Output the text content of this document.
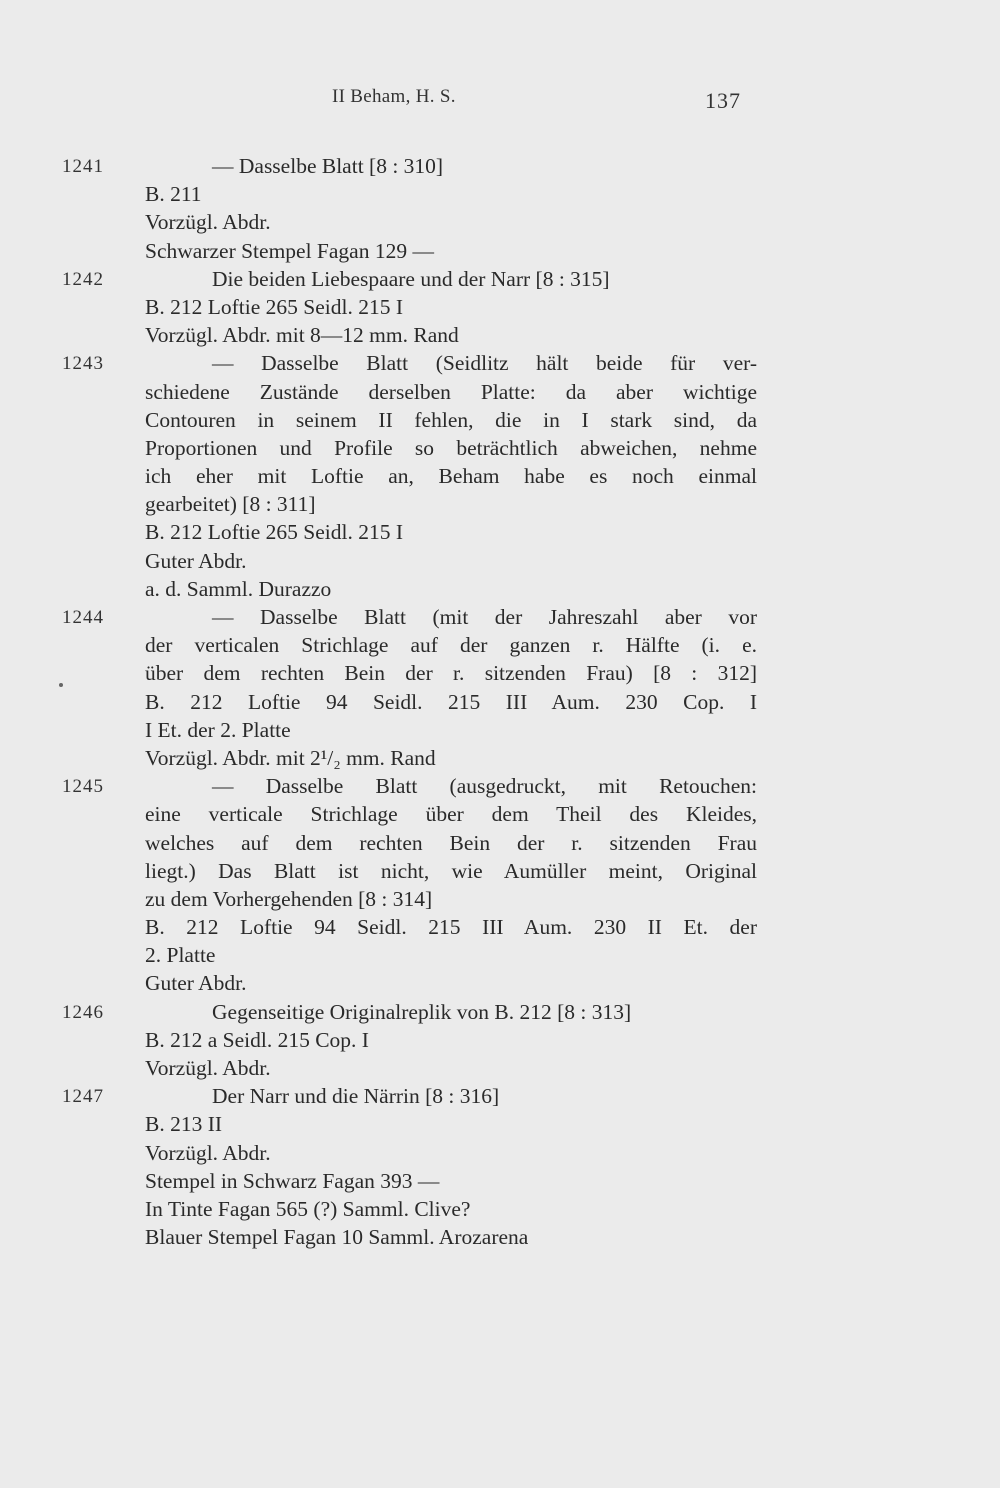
II Beham, H. S.	137
1241	— Dasselbe Blatt [8 : 310]
B. 211
Vorzügl. Abdr.
Schwarzer Stempel Fagan 129 —
1242	Die beiden Liebespaare und der Narr [8 : 315]
B. 212 Loftie 265 Seidl. 215 I
Vorzügl. Abdr. mit 8—12 mm. Rand
1243	— Dasselbe Blatt (Seidlitz hält beide für ver-
schiedene Zustände derselben Platte: da aber wichtige
Contouren in seinem II fehlen, die in I stark sind, da
Proportionen und Profile so beträchtlich abweichen, nehme
ich eher mit Loftie an, Beham habe es noch einmal
gearbeitet) [8 : 311]
B. 212 Loftie 265 Seidl. 215 I
Guter Abdr.
a. d. Samml. Durazzo
1244	— Dasselbe Blatt (mit der Jahreszahl aber vor
der verticalen Strichlage auf der ganzen r. Hälfte (i. e.
über dem rechten Bein der r. sitzenden Frau) [8 : 312]
B. 212 Loftie 94 Seidl. 215 III Aum. 230 Cop. I
I Et. der 2. Platte
Vorzügl. Abdr. mit 2¹/₂ mm. Rand
1245	— Dasselbe Blatt (ausgedruckt, mit Retouchen:
eine verticale Strichlage über dem Theil des Kleides,
welches auf dem rechten Bein der r. sitzenden Frau
liegt.) Das Blatt ist nicht, wie Aumüller meint, Original
zu dem Vorhergehenden [8 : 314]
B. 212 Loftie 94 Seidl. 215 III Aum. 230 II Et. der
2. Platte
Guter Abdr.
1246	Gegenseitige Originalreplik von B. 212 [8 : 313]
B. 212 a Seidl. 215 Cop. I
Vorzügl. Abdr.
1247	Der Narr und die Närrin [8 : 316]
B. 213 II
Vorzügl. Abdr.
Stempel in Schwarz Fagan 393 —
In Tinte Fagan 565 (?) Samml. Clive?
Blauer Stempel Fagan 10 Samml. Arozarena
